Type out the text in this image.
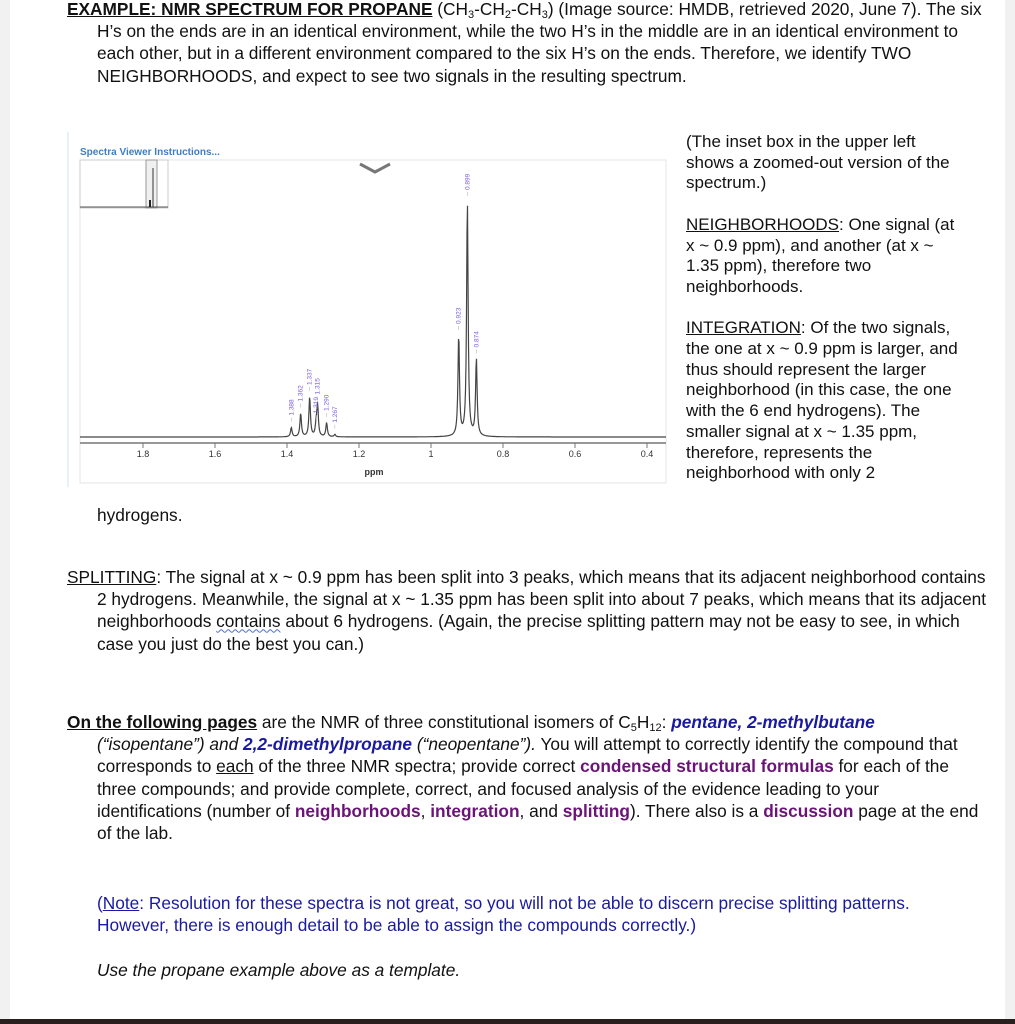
EXAMPLE: NMR SPECTRUM FOR PROPANE $(CH_3-CH_2-CH_3)$ (Image source: HMDB, retrieved 2020, June 7). The six H’s on the ends are in an identical environment, while the two H’s in the middle are in an identical environment to each other, but in a different environment compared to the six H’s on the ends. Therefore, we identify TWO NEIGHBORHOODS, and expect to see two signals in the resulting spectrum.
Spectra Viewer Instructions...
1.8	1.6	1.4	1.2	1	0.8	0.6	0.4
1.388
1.362
1.337
1.319
1.315
1.290
1.267
0.923
0.899
0.874
ppm

(The inset box in the upper left shows a zoomed-out version of the spectrum.)

NEIGHBORHOODS: One signal (at x ~ 0.9 ppm), and another (at x ~ 1.35 ppm), therefore two neighborhoods.

INTEGRATION: Of the two signals, the one at x ~ 0.9 ppm is larger, and thus should represent the larger neighborhood (in this case, the one with the 6 end hydrogens). The smaller signal at x ~ 1.35 ppm, therefore, represents the neighborhood with only 2

hydrogens.
SPLITTING: The signal at x ~ 0.9 ppm has been split into 3 peaks, which means that its adjacent neighborhood contains 2 hydrogens. Meanwhile, the signal at x ~ 1.35 ppm has been split into about 7 peaks, which means that its adjacent neighborhoods contains about 6 hydrogens. (Again, the precise splitting pattern may not be easy to see, in which case you just do the best you can.)
On the following pages are the NMR of three constitutional isomers of $C_5H_{12}$: pentane, 2-methylbutane (“isopentane”) and 2,2-dimethylpropane (“neopentane”). You will attempt to correctly identify the compound that corresponds to each of the three NMR spectra; provide correct condensed structural formulas for each of the three compounds; and provide complete, correct, and focused analysis of the evidence leading to your identifications (number of neighborhoods, integration, and splitting). There also is a discussion page at the end of the lab.
(Note: Resolution for these spectra is not great, so you will not be able to discern precise splitting patterns. However, there is enough detail to be able to assign the compounds correctly.)
Use the propane example above as a template.
